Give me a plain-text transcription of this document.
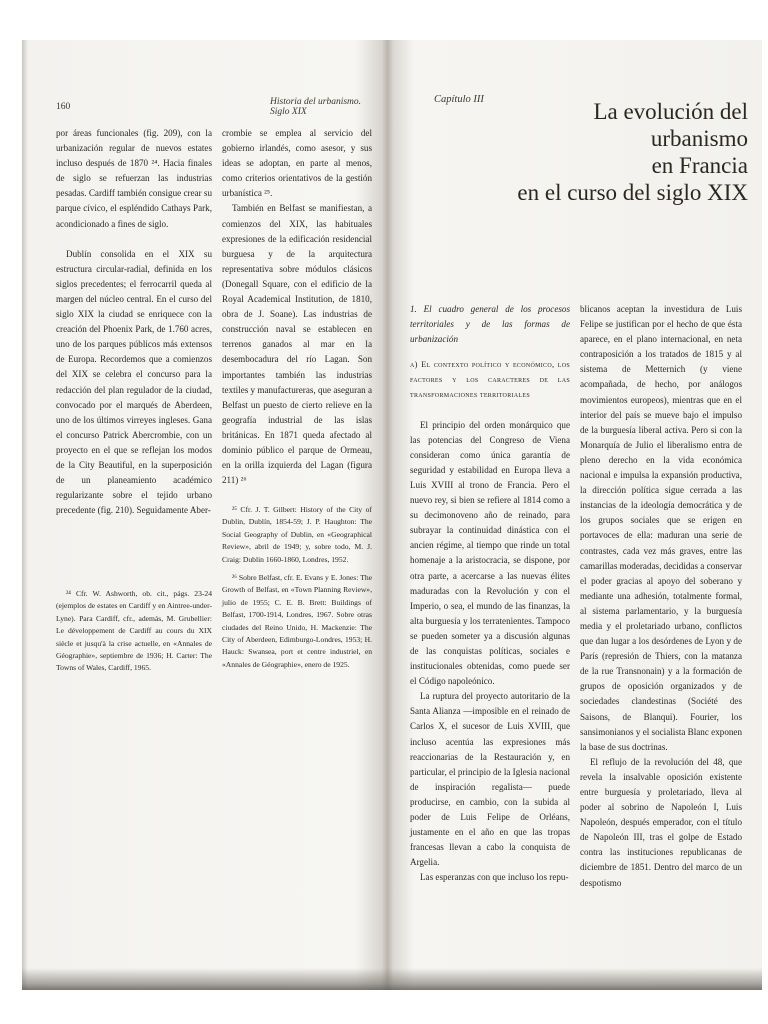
160	Historia del urbanismo. Siglo XIX

por áreas funcionales (fig. 209), con la urbanización regular de nuevos estates incluso después de 1870 ²⁴. Hacia finales de siglo se refuerzan las industrias pesadas. Cardiff también consigue crear su parque cívico, el espléndido Cathays Park, acondicionado a fines de siglo.

Dublín consolida en el XIX su estructura circular-radial, definida en los siglos precedentes; el ferrocarril queda al margen del núcleo central. En el curso del siglo XIX la ciudad se enriquece con la creación del Phoenix Park, de 1.760 acres, uno de los parques públicos más extensos de Europa. Recordemos que a comienzos del XIX se celebra el concurso para la redacción del plan regulador de la ciudad, convocado por el marqués de Aberdeen, uno de los últimos virreyes ingleses. Gana el concurso Patrick Abercrombie, con un proyecto en el que se reflejan los modos de la City Beautiful, en la superposición de un planeamiento académico regularizante sobre el tejido urbano precedente (fig. 210). Seguidamente Aber-

²⁴ Cfr. W. Ashworth, ob. cit., págs. 23-24 (ejemplos de estates en Cardiff y en Aintree-under-Lyne). Para Cardiff, cfr., además, M. Grubellier: Le développement de Cardiff au cours du XIX siècle et jusqu'à la crise actuelle, en «Annales de Géographie», septiembre de 1936; H. Carter: The Towns of Wales, Cardiff, 1965.

crombie se emplea al servicio del gobierno irlandés, como asesor, y sus ideas se adoptan, en parte al menos, como criterios orientativos de la gestión urbanística ²⁵.

También en Belfast se manifiestan, a comienzos del XIX, las habituales expresiones de la edificación residencial burguesa y de la arquitectura representativa sobre módulos clásicos (Donegall Square, con el edificio de la Royal Academical Institution, de 1810, obra de J. Soane). Las industrias de construcción naval se establecen en terrenos ganados al mar en la desembocadura del río Lagan. Son importantes también las industrias textiles y manufactureras, que aseguran a Belfast un puesto de cierto relieve en la geografía industrial de las islas británicas. En 1871 queda afectado al dominio público el parque de Ormeau, en la orilla izquierda del Lagan (figura 211) ²⁶

²⁵ Cfr. J. T. Gilbert: History of the City of Dublin, Dublín, 1854-59; J. P. Haughton: The Social Geography of Dublin, en «Geographical Review», abril de 1949; y, sobre todo, M. J. Craig: Dublin 1660-1860, Londres, 1952.

²⁶ Sobre Belfast, cfr. E. Evans y E. Jones: The Growth of Belfast, en «Town Planning Review», julio de 1955; C. E. B. Brett: Buildings of Belfast, 1700-1914, Londres, 1967. Sobre otras ciudades del Reino Unido, H. Mackenzie: The City of Aberdeen, Edimburgo-Londres, 1953; H. Hauck: Swansea, port et centre industriel, en «Annales de Géographie», enero de 1925.

Capítulo III	La evolución del urbanismo
en Francia
en el curso del siglo XIX

1. El cuadro general de los procesos territoriales y de las formas de urbanización

a) El contexto político y económico, los factores y los caracteres de las transformaciones territoriales

El principio del orden monárquico que las potencias del Congreso de Viena consideran como única garantía de seguridad y estabilidad en Europa lleva a Luis XVIII al trono de Francia. Pero el nuevo rey, si bien se refiere al 1814 como a su decimonoveno año de reinado, para subrayar la continuidad dinástica con el ancien régime, al tiempo que rinde un total homenaje a la aristocracia, se dispone, por otra parte, a acercarse a las nuevas élites maduradas con la Revolución y con el Imperio, o sea, el mundo de las finanzas, la alta burguesía y los terratenientes. Tampoco se pueden someter ya a discusión algunas de las conquistas políticas, sociales e institucionales obtenidas, como puede ser el Código napoleónico.

La ruptura del proyecto autoritario de la Santa Alianza —imposible en el reinado de Carlos X, el sucesor de Luis XVIII, que incluso acentúa las expresiones más reaccionarias de la Restauración y, en particular, el principio de la Iglesia nacional de inspiración regalista— puede producirse, en cambio, con la subida al poder de Luis Felipe de Orléans, justamente en el año en que las tropas francesas llevan a cabo la conquista de Argelia.

Las esperanzas con que incluso los repu-

blicanos aceptan la investidura de Luis Felipe se justifican por el hecho de que ésta aparece, en el plano internacional, en neta contraposición a los tratados de 1815 y al sistema de Metternich (y viene acompañada, de hecho, por análogos movimientos europeos), mientras que en el interior del país se mueve bajo el impulso de la burguesía liberal activa. Pero si con la Monarquía de Julio el liberalismo entra de pleno derecho en la vida económica nacional e impulsa la expansión productiva, la dirección política sigue cerrada a las instancias de la ideología democrática y de los grupos sociales que se erigen en portavoces de ella: maduran una serie de contrastes, cada vez más graves, entre las camarillas moderadas, decididas a conservar el poder gracias al apoyo del soberano y mediante una adhesión, totalmente formal, al sistema parlamentario, y la burguesía media y el proletariado urbano, conflictos que dan lugar a los desórdenes de Lyon y de París (represión de Thiers, con la matanza de la rue Transnonain) y a la formación de grupos de oposición organizados y de sociedades clandestinas (Société des Saisons, de Blanqui). Fourier, los sansimonianos y el socialista Blanc exponen la base de sus doctrinas.

El reflujo de la revolución del 48, que revela la insalvable oposición existente entre burguesía y proletariado, lleva al poder al sobrino de Napoleón I, Luis Napoleón, después emperador, con el título de Napoleón III, tras el golpe de Estado contra las instituciones republicanas de diciembre de 1851. Dentro del marco de un despotismo
